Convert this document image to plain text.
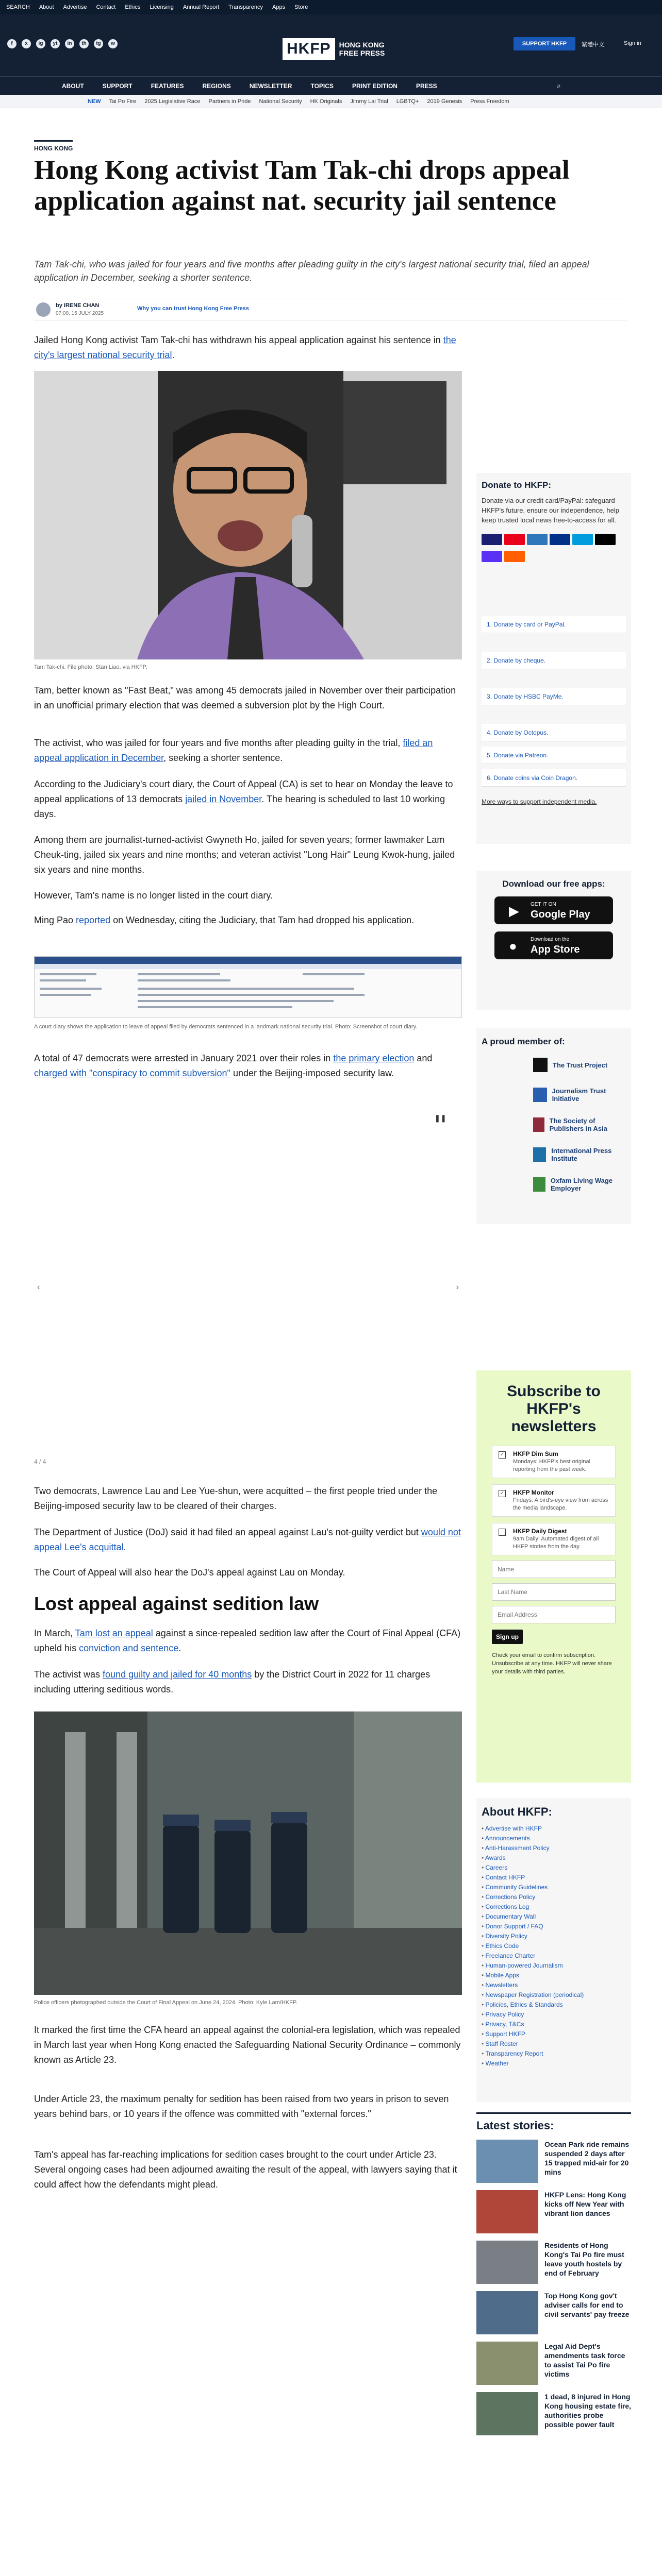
SEARCH About Advertise Contact Ethics Licensing Annual Report Transparency Apps Store
f	x	ig	yt	in	th	tg	w	HKFP	HONG KONG
FREE PRESS
SUPPORT HKFP	繁體中文	Sign in
ABOUT	SUPPORT	FEATURES	REGIONS	NEWSLETTER	TOPICS	PRINT EDITION	PRESS	⌕
NEW Tai Po Fire 2025 Legislative Race Partners in Pride National Security HK Originals Jimmy Lai Trial LGBTQ+ 2019 Genesis Press Freedom
HONG KONG
Hong Kong activist Tam Tak-chi drops appeal application against nat. security jail sentence
Tam Tak-chi, who was jailed for four years and five months after pleading guilty in the city's largest national security trial, filed an appeal application in December, seeking a shorter sentence.
by IRENE CHAN
07:00, 15 JULY 2025
Why you can trust Hong Kong Free Press

Jailed Hong Kong activist Tam Tak-chi has withdrawn his appeal application against his sentence in the city's largest national security trial.

Tam Tak-chi. File photo: Stan Liao, via HKFP.

Tam, better known as "Fast Beat," was among 45 democrats jailed in November over their participation in an unofficial primary election that was deemed a subversion plot by the High Court.

The activist, who was jailed for four years and five months after pleading guilty in the trial, filed an appeal application in December, seeking a shorter sentence.

According to the Judiciary's court diary, the Court of Appeal (CA) is set to hear on Monday the leave to appeal applications of 13 democrats jailed in November. The hearing is scheduled to last 10 working days.

Among them are journalist-turned-activist Gwyneth Ho, jailed for seven years; former lawmaker Lam Cheuk-ting, jailed six years and nine months; and veteran activist "Long Hair" Leung Kwok-hung, jailed six years and nine months.

However, Tam's name is no longer listed in the court diary.

Ming Pao reported on Wednesday, citing the Judiciary, that Tam had dropped his application.

A court diary shows the application to leave of appeal filed by democrats sentenced in a landmark national security trial. Photo: Screenshot of court diary.

A total of 47 democrats were arrested in January 2021 over their roles in the primary election and charged with "conspiracy to commit subversion" under the Beijing-imposed security law.

❚❚
‹	›
4 / 4

Two democrats, Lawrence Lau and Lee Yue-shun, were acquitted – the first people tried under the Beijing-imposed security law to be cleared of their charges.

The Department of Justice (DoJ) said it had filed an appeal against Lau's not-guilty verdict but would not appeal Lee's acquittal.

The Court of Appeal will also hear the DoJ's appeal against Lau on Monday.

Lost appeal against sedition law

In March, Tam lost an appeal against a since-repealed sedition law after the Court of Final Appeal (CFA) upheld his conviction and sentence.

The activist was found guilty and jailed for 40 months by the District Court in 2022 for 11 charges including uttering seditious words.

Police officers photographed outside the Court of Final Appeal on June 24, 2024. Photo: Kyle Lam/HKFP.

It marked the first time the CFA heard an appeal against the colonial-era legislation, which was repealed in March last year when Hong Kong enacted the Safeguarding National Security Ordinance – commonly known as Article 23.

Under Article 23, the maximum penalty for sedition has been raised from two years in prison to seven years behind bars, or 10 years if the offence was committed with "external forces."

Tam's appeal has far-reaching implications for sedition cases brought to the court under Article 23. Several ongoing cases had been adjourned awaiting the result of the appeal, with lawyers saying that it could affect how the defendants might plead.

Donate to HKFP:
Donate via our credit card/PayPal: safeguard HKFP's future, ensure our independence, help keep trusted local news free-to-access for all.
1. Donate by card or PayPal.
2. Donate by cheque.
3. Donate by HSBC PayMe.
4. Donate by Octopus.
5. Donate via Patreon.
6. Donate coins via Coin Dragon.
More ways to support independent media.
Download our free apps:
▶ GET IT ON
Google Play
●	Download on the
App Store
A proud member of:
The Trust Project
Journalism Trust Initiative
The Society of Publishers in Asia
International Press Institute
Oxfam Living Wage Employer
Subscribe to HKFP's newsletters
✓ HKFP Dim Sum
Mondays: HKFP's best original reporting from the past week.
✓ HKFP Monitor
Fridays: A bird's-eye view from across the media landscape.
HKFP Daily Digest
9am Daily: Automated digest of all HKFP stories from the day.
Name
Last Name
Email Address
Sign up
Check your email to confirm subscription. Unsubscribe at any time. HKFP will never share your details with third parties.
About HKFP:
• Advertise with HKFP
• Announcements
• Anti-Harassment Policy
• Awards
• Careers
• Contact HKFP
• Community Guidelines
• Corrections Policy
• Corrections Log
• Documentary Wall
• Donor Support / FAQ
• Diversity Policy
• Ethics Code
• Freelance Charter
• Human-powered Journalism
• Mobile Apps
• Newsletters
• Newspaper Registration (periodical)
• Policies, Ethics & Standards
• Privacy Policy
• Privacy, T&Cs
• Support HKFP
• Staff Roster
• Transparency Report
• Weather
Latest stories:
Ocean Park ride remains suspended 2 days after 15 trapped mid-air for 20 mins
HKFP Lens: Hong Kong kicks off New Year with vibrant lion dances
Residents of Hong Kong's Tai Po fire must leave youth hostels by end of February
Top Hong Kong gov't adviser calls for end to civil servants' pay freeze
Legal Aid Dept's amendments task force to assist Tai Po fire victims
1 dead, 8 injured in Hong Kong housing estate fire, authorities probe possible power fault
